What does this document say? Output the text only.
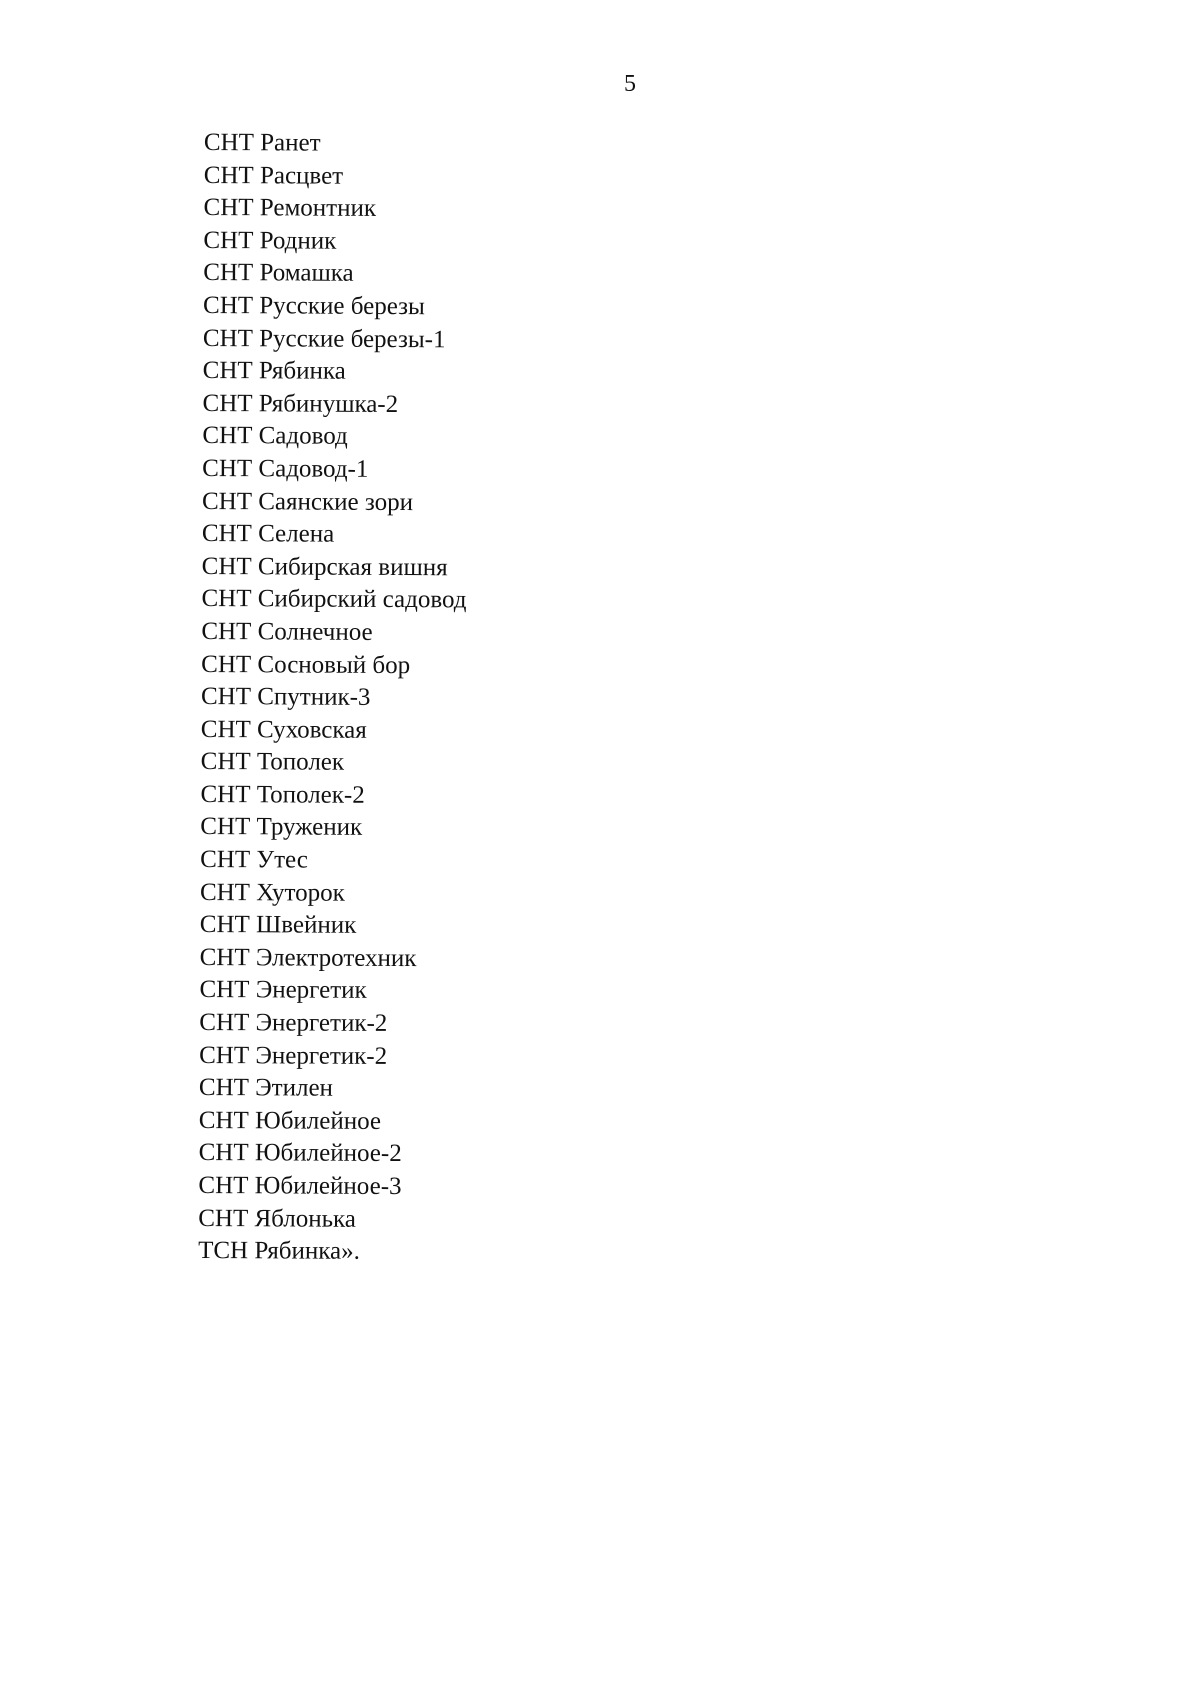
5
СНТ Ранет
СНТ Расцвет
СНТ Ремонтник
СНТ Родник
СНТ Ромашка
СНТ Русские березы
СНТ Русские березы-1
СНТ Рябинка
СНТ Рябинушка-2
СНТ Садовод
СНТ Садовод-1
СНТ Саянские зори
СНТ Селена
СНТ Сибирская вишня
СНТ Сибирский садовод
СНТ Солнечное
СНТ Сосновый бор
СНТ Спутник-3
СНТ Суховская
СНТ Тополек
СНТ Тополек-2
СНТ Труженик
СНТ Утес
СНТ Хуторок
СНТ Швейник
СНТ Электротехник
СНТ Энергетик
СНТ Энергетик-2
СНТ Энергетик-2
СНТ Этилен
СНТ Юбилейное
СНТ Юбилейное-2
СНТ Юбилейное-3
СНТ Яблонька
ТСН Рябинка».
